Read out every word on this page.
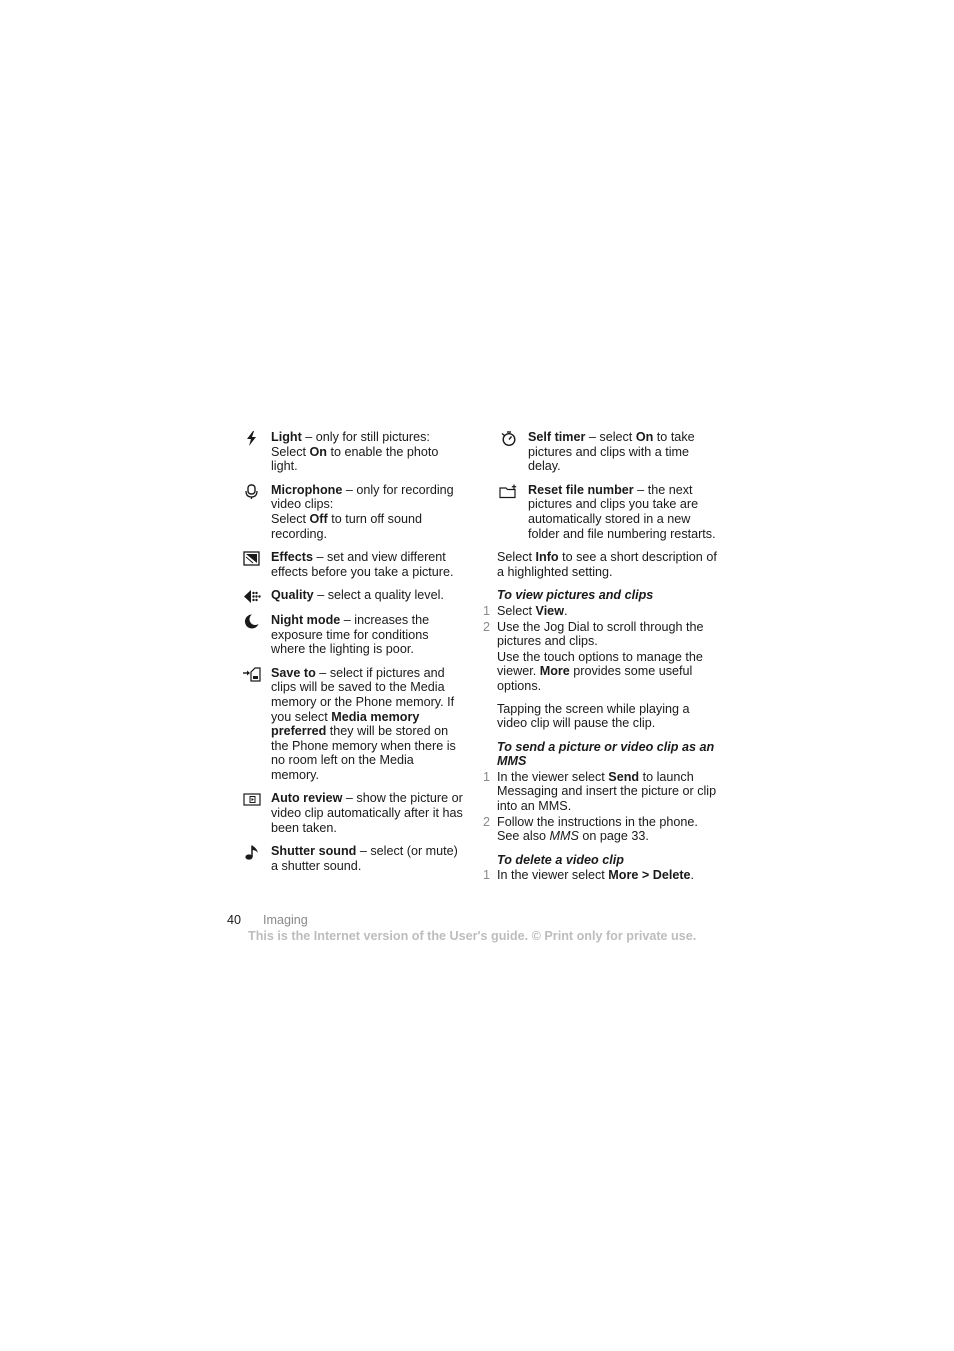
Light – only for still pictures:
Select On to enable the photo light.
Microphone – only for recording video clips:
Select Off to turn off sound recording.
Effects – set and view different effects before you take a picture.
Quality – select a quality level.
Night mode – increases the exposure time for conditions where the lighting is poor.
Save to – select if pictures and clips will be saved to the Media memory or the Phone memory. If you select Media memory preferred they will be stored on the Phone memory when there is no room left on the Media memory.
Auto review – show the picture or video clip automatically after it has been taken.
Shutter sound – select (or mute) a shutter sound.
Self timer – select On to take pictures and clips with a time delay.
Reset file number – the next pictures and clips you take are automatically stored in a new folder and file numbering restarts.
Select Info to see a short description of a highlighted setting.
To view pictures and clips
1 Select View.
2 Use the Jog Dial to scroll through the pictures and clips.
Use the touch options to manage the viewer. More provides some useful options.
Tapping the screen while playing a video clip will pause the clip.
To send a picture or video clip as an MMS
1 In the viewer select Send to launch Messaging and insert the picture or clip into an MMS.
2 Follow the instructions in the phone. See also MMS on page 33.
To delete a video clip
1 In the viewer select More > Delete.
40 Imaging
This is the Internet version of the User's guide. © Print only for private use.
